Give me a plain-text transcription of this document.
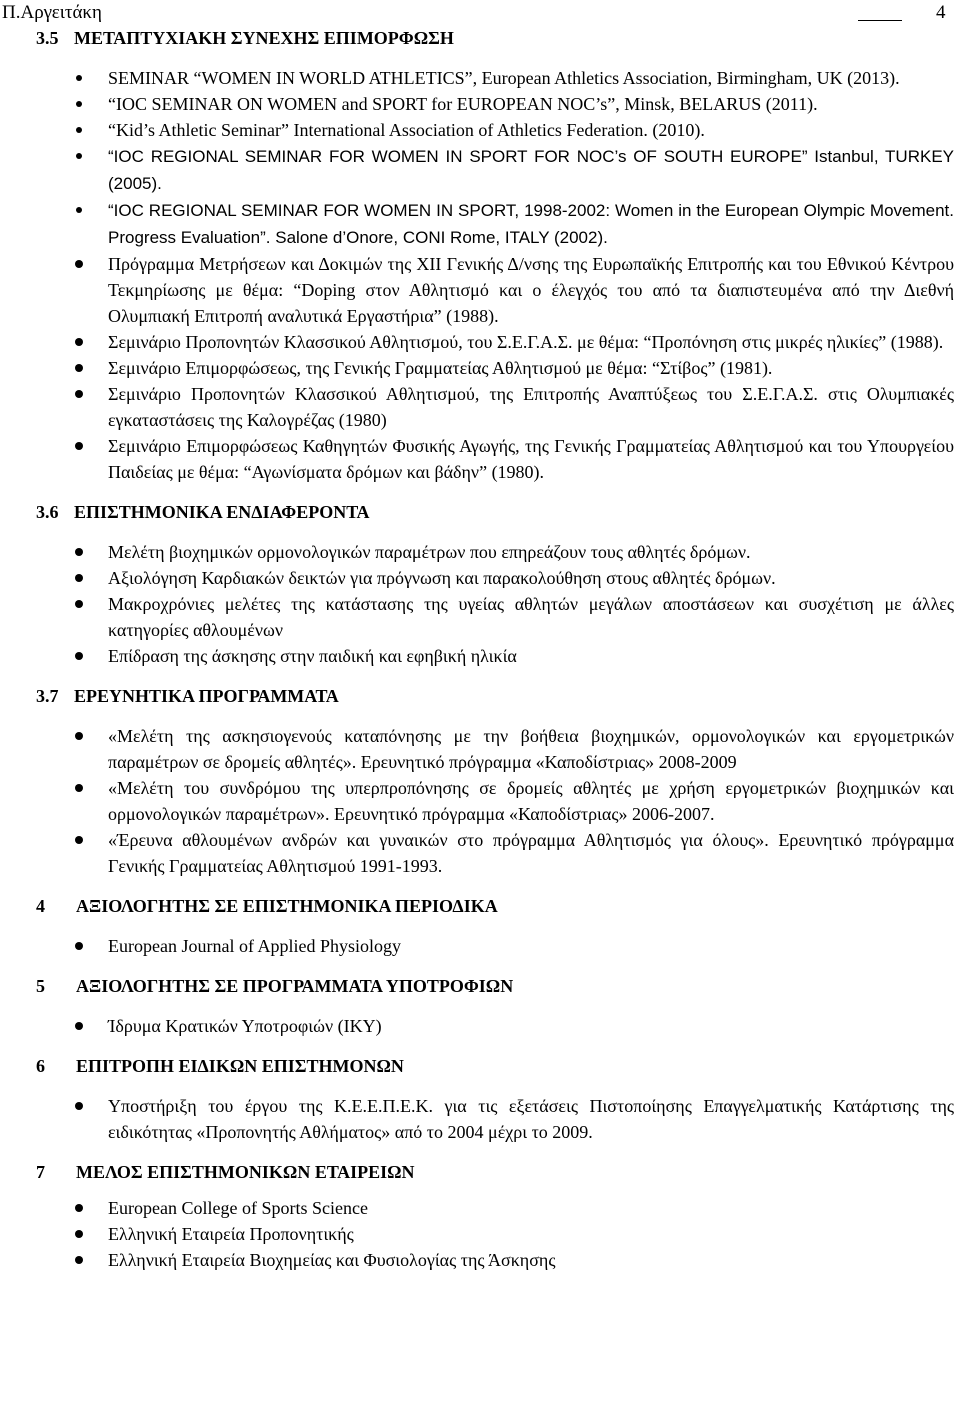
Π.Αργειτάκη	4
3.5 ΜΕΤΑΠΤΥΧΙΑΚΗ ΣΥΝΕΧΗΣ ΕΠΙΜΟΡΦΩΣΗ
SEMINAR “WOMEN IN WORLD ATHLETICS”, European Athletics Association, Birmingham, UK (2013).
“IOC SEMINAR ON WOMEN and SPORT for EUROPEAN NOC’s”, Minsk, BELARUS (2011).
“Kid’s Athletic Seminar” International Association of Athletics Federation. (2010).
“IOC REGIONAL SEMINAR FOR WOMEN IN SPORT FOR NOC’s OF SOUTH EUROPE” Istanbul, TURKEY (2005).
“IOC REGIONAL SEMINAR FOR WOMEN IN SPORT, 1998-2002: Women in the European Olympic Movement. Progress Evaluation”. Salone d’Onore, CONI Rome, ITALY (2002).
Πρόγραμμα Μετρήσεων και Δοκιμών της XII Γενικής Δ/νσης της Ευρωπαϊκής Επιτροπής και του Εθνικού Κέντρου Τεκμηρίωσης με θέμα: “Doping στον Αθλητισμό και ο έλεγχός του από τα διαπιστευμένα από την Διεθνή Ολυμπιακή Επιτροπή αναλυτικά Εργαστήρια” (1988).
Σεμινάριο Προπονητών Κλασσικού Αθλητισμού, του Σ.Ε.Γ.Α.Σ. με θέμα: “Προπόνηση στις μικρές ηλικίες” (1988).
Σεμινάριο Επιμορφώσεως, της Γενικής Γραμματείας Αθλητισμού με θέμα: “Στίβος” (1981).
Σεμινάριο Προπονητών Κλασσικού Αθλητισμού, της Επιτροπής Αναπτύξεως του Σ.Ε.Γ.Α.Σ. στις Ολυμπιακές εγκαταστάσεις της Καλογρέζας (1980)
Σεμινάριο Επιμορφώσεως Καθηγητών Φυσικής Αγωγής, της Γενικής Γραμματείας Αθλητισμού και του Υπουργείου Παιδείας με θέμα: “Αγωνίσματα δρόμων και βάδην” (1980).
3.6 ΕΠΙΣΤΗΜΟΝΙΚΑ ΕΝΔΙΑΦΕΡΟΝΤΑ
Μελέτη βιοχημικών ορμονολογικών παραμέτρων που επηρεάζουν τους αθλητές δρόμων.
Αξιολόγηση Καρδιακών δεικτών για πρόγνωση και παρακολούθηση στους αθλητές δρόμων.
Μακροχρόνιες μελέτες της κατάστασης της υγείας αθλητών μεγάλων αποστάσεων και συσχέτιση με άλλες κατηγορίες αθλουμένων
Επίδραση της άσκησης στην παιδική και εφηβική ηλικία
3.7 ΕΡΕΥΝΗΤΙΚΑ ΠΡΟΓΡΑΜΜΑΤΑ
«Μελέτη της ασκησιογενούς καταπόνησης με την βοήθεια βιοχημικών, ορμονολογικών και εργομετρικών παραμέτρων σε δρομείς αθλητές». Ερευνητικό πρόγραμμα «Καποδίστριας» 2008-2009
«Μελέτη του συνδρόμου της υπερπροπόνησης σε δρομείς αθλητές με χρήση εργομετρικών βιοχημικών και ορμονολογικών παραμέτρων». Ερευνητικό πρόγραμμα «Καποδίστριας» 2006-2007.
«Έρευνα αθλουμένων ανδρών και γυναικών στο πρόγραμμα Αθλητισμός για όλους». Ερευνητικό πρόγραμμα Γενικής Γραμματείας Αθλητισμού 1991-1993.
4 ΑΞΙΟΛΟΓΗΤΗΣ ΣΕ ΕΠΙΣΤΗΜΟΝΙΚΑ ΠΕΡΙΟΔΙΚΑ
European Journal of Applied Physiology
5 ΑΞΙΟΛΟΓΗΤΗΣ ΣΕ ΠΡΟΓΡΑΜΜΑΤΑ ΥΠΟΤΡΟΦΙΩΝ
Ίδρυμα Κρατικών Υποτροφιών (ΙΚΥ)
6 ΕΠΙΤΡΟΠΗ ΕΙΔΙΚΩΝ ΕΠΙΣΤΗΜΟΝΩΝ
Υποστήριξη του έργου της Κ.Ε.Ε.Π.Ε.Κ. για τις εξετάσεις Πιστοποίησης Επαγγελματικής Κατάρτισης της ειδικότητας «Προπονητής Αθλήματος» από το 2004 μέχρι το 2009.
7 ΜΕΛΟΣ ΕΠΙΣΤΗΜΟΝΙΚΩΝ ΕΤΑΙΡΕΙΩΝ
European College of Sports Science
Ελληνική Εταιρεία Προπονητικής
Ελληνική Εταιρεία Βιοχημείας και Φυσιολογίας της Άσκησης
